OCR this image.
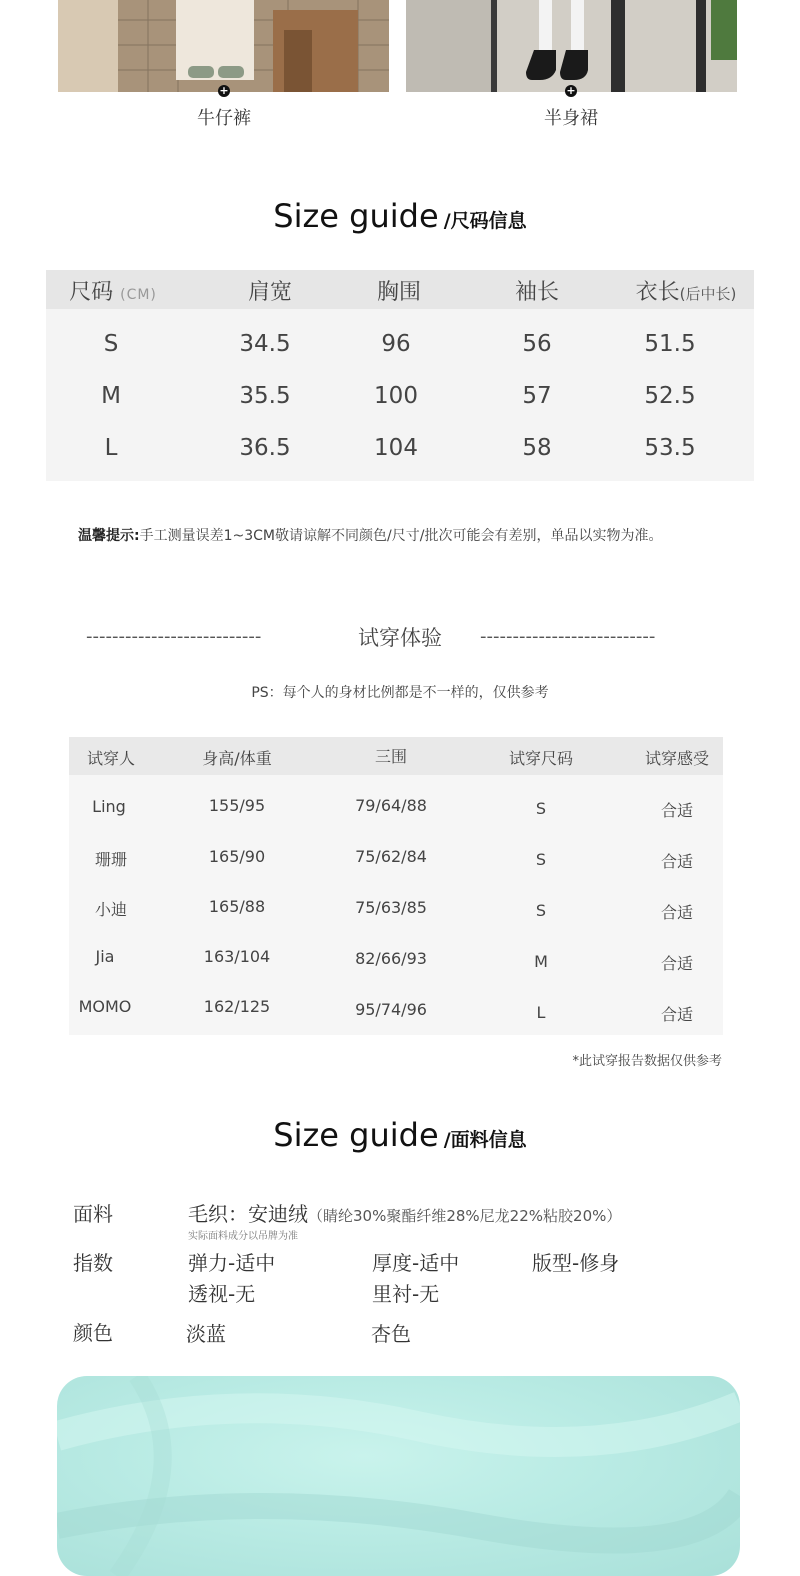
+	+
牛仔裤	半身裙
Size guide /尺码信息
尺码 (CM)	肩宽	胸围	袖长	衣长(后中长)
S	34.5	96	56	51.5
M	35.5	100	57	52.5
L	36.5	104	58	53.5
温馨提示:手工测量误差1~3CM敬请谅解不同颜色/尺寸/批次可能会有差别，单品以实物为准。
---------------------------	试穿体验	---------------------------
PS：每个人的身材比例都是不一样的，仅供参考
试穿人	身高/体重	三围	试穿尺码	试穿感受
Ling	155/95	79/64/88	S	合适
珊珊	165/90	75/62/84	S	合适
小迪	165/88	75/63/85	S	合适
Jia	163/104	82/66/93	M	合适
MOMO	162/125	95/74/96	L	合适
*此试穿报告数据仅供参考
Size guide /面料信息
面料	毛织：安迪绒（睛纶30%聚酯纤维28%尼龙22%粘胶20%）
实际面料成分以吊牌为准
指数	弹力-适中	厚度-适中	版型-修身
透视-无	里衬-无
颜色	淡蓝	杏色
